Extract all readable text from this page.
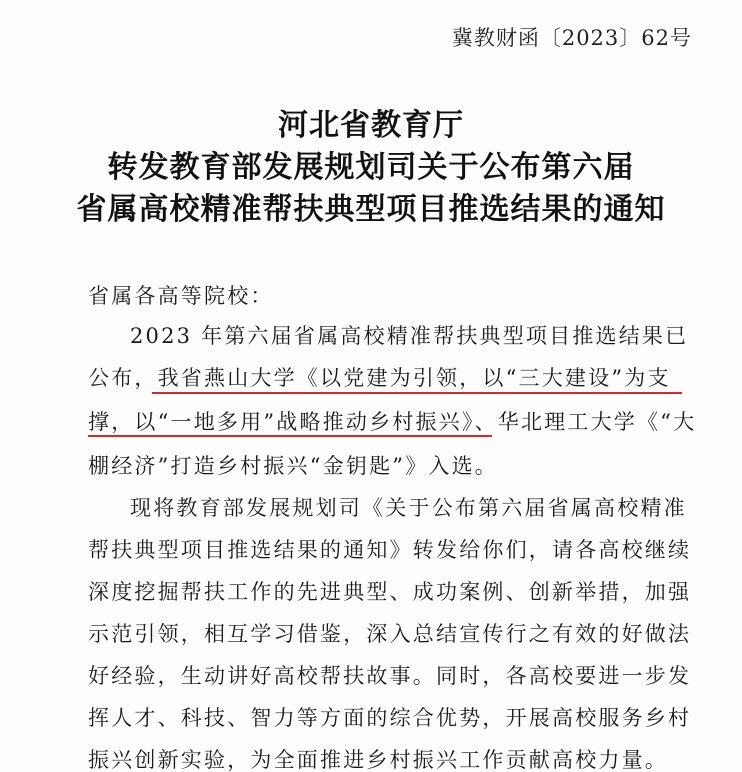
冀教财函〔2023〕62号
河北省教育厅
转发教育部发展规划司关于公布第六届
省属高校精准帮扶典型项目推选结果的通知
省属各高等院校：
2023 年第六届省属高校精准帮扶典型项目推选结果已
公布，我省燕山大学《以党建为引领，以“三大建设”为支
撑，以“一地多用”战略推动乡村振兴》、华北理工大学《“大
棚经济”打造乡村振兴“金钥匙”》入选。
现将教育部发展规划司《关于公布第六届省属高校精准
帮扶典型项目推选结果的通知》转发给你们，请各高校继续
深度挖掘帮扶工作的先进典型、成功案例、创新举措，加强
示范引领，相互学习借鉴，深入总结宣传行之有效的好做法
好经验，生动讲好高校帮扶故事。同时，各高校要进一步发
挥人才、科技、智力等方面的综合优势，开展高校服务乡村
振兴创新实验，为全面推进乡村振兴工作贡献高校力量。
